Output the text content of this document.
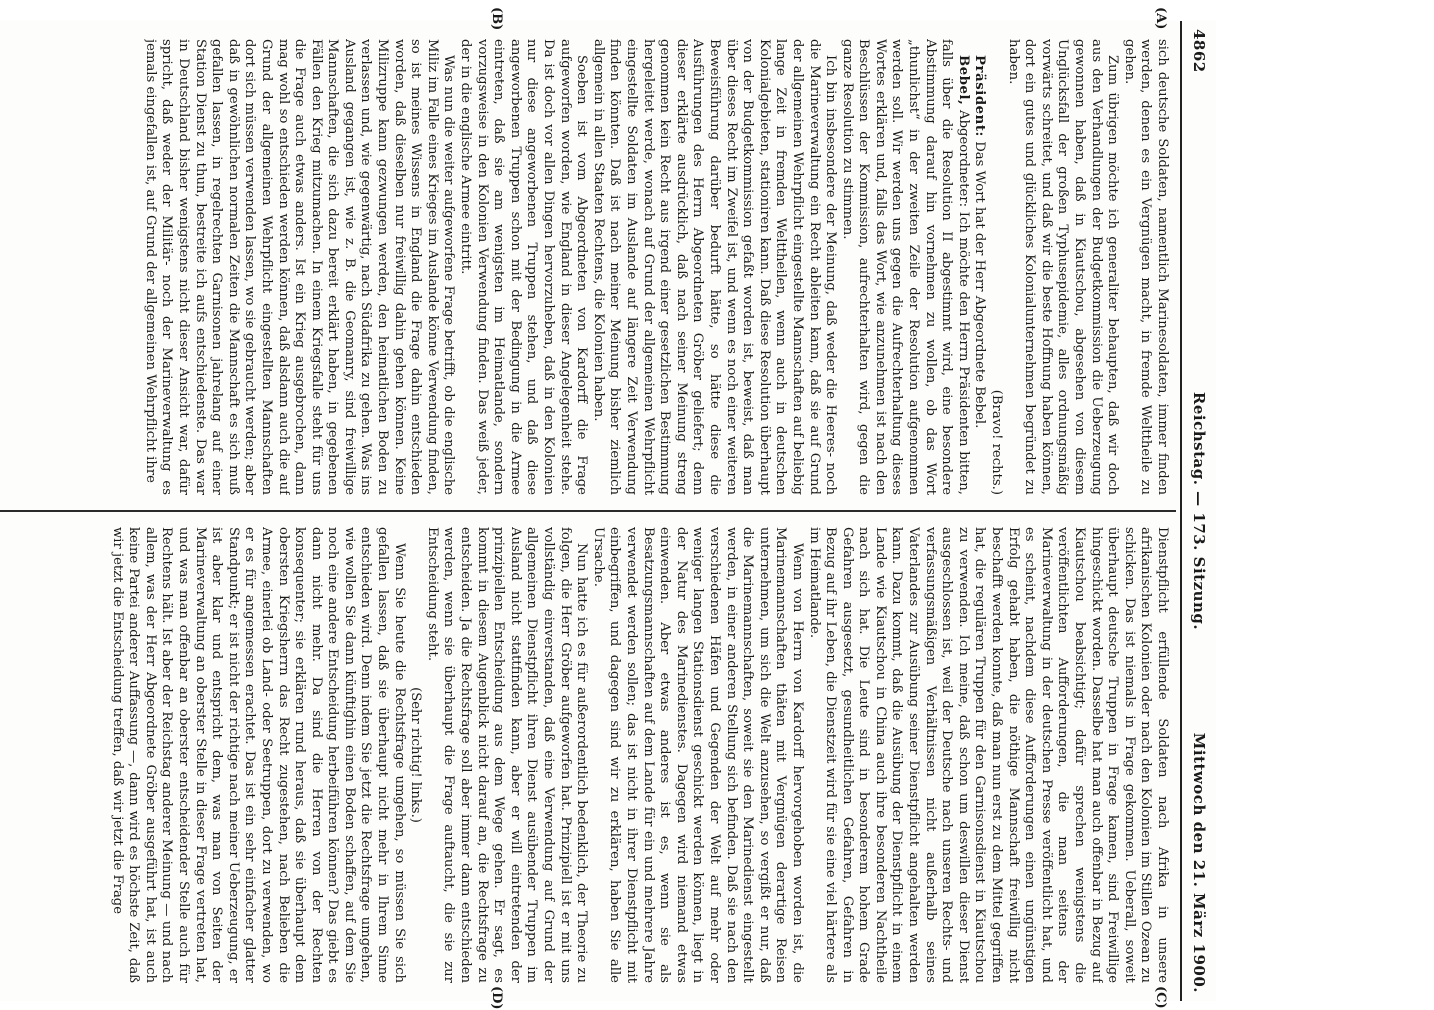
4862
Reichstag. — 173. Sitzung.
Mittwoch den 21. März 1900.
(A)
(B)
(C)
(D)

sich deutsche Soldaten, namentlich Marinesoldaten, immer finden werden, denen es ein Vergnügen macht, in fremde Welttheile zu gehen.

Zum übrigen möchte ich generaliter behaupten, daß wir doch aus den Verhandlungen der Budgetkommission die Ueberzeugung gewonnen haben, daß in Kiautschou, abgesehen von diesem Unglücksfall der großen Typhusepidemie, alles ordnungsmäßig vorwärts schreitet, und daß wir die beste Hoffnung haben können, dort ein gutes und glückliches Kolonialunternehmen begründet zu haben.

(Bravo! rechts.)

Präsident: Das Wort hat der Herr Abgeordnete Bebel.

Bebel, Abgeordneter: Ich möchte den Herrn Präsidenten bitten, falls über die Resolution II abgestimmt wird, eine besondere Abstimmung darauf hin vornehmen zu wollen, ob das Wort „thunlichst“ in der zweiten Zeile der Resolution aufgenommen werden soll. Wir werden uns gegen die Aufrechterhaltung dieses Wortes erklären und, falls das Wort, wie anzunehmen ist nach den Beschlüssen der Kommission, aufrechterhalten wird, gegen die ganze Resolution zu stimmen.

Ich bin insbesondere der Meinung, daß weder die Heeres- noch die Marineverwaltung ein Recht ableiten kann, daß sie auf Grund der allgemeinen Wehrpflicht eingestellte Mannschaften auf beliebig lange Zeit in fremden Welttheilen, wenn auch in deutschen Kolonialgebieten, stationiren kann. Daß diese Resolution überhaupt von der Budgetkommission gefaßt worden ist, beweist, daß man über dieses Recht im Zweifel ist, und wenn es noch einer weiteren Beweisführung darüber bedurft hätte, so hätte diese die Ausführungen des Herrn Abgeordneten Gröber geliefert; denn dieser erklärte ausdrücklich, daß nach seiner Meinung streng genommen kein Recht aus irgend einer gesetzlichen Bestimmung hergeleitet werde, wonach auf Grund der allgemeinen Wehrpflicht eingestellte Soldaten im Auslande auf längere Zeit Verwendung finden könnten. Daß ist nach meiner Meinung bisher ziemlich allgemein in allen Staaten Rechtens, die Kolonien haben.

Soeben ist vom Abgeordneten von Kardorff die Frage aufgeworfen worden, wie England in dieser Angelegenheit stehe. Da ist doch vor allen Dingen hervorzuheben, daß in den Kolonien nur diese angeworbenen Truppen stehen, und daß diese angeworbenen Truppen schon mit der Bedingung in die Armee eintreten, daß sie am wenigsten im Heimatlande, sondern vorzugsweise in den Kolonien Verwendung finden. Das weiß jeder, der in die englische Armee eintritt.

Was nun die weiter aufgeworfene Frage betrifft, ob die englische Miliz im Falle eines Krieges im Auslande könne Verwendung finden, so ist meines Wissens in England die Frage dahin entschieden worden, daß dieselben nur freiwillig dahin gehen können. Keine Milizruppe kann gezwungen werden, den heimatlichen Boden zu verlassen und, wie gegenwärtig, nach Südafrika zu gehen. Was ins Ausland gegangen ist, wie z. B. die Geomanry, sind freiwillige Mannschaften, die sich dazu bereit erklärt haben, in gegebenen Fällen den Krieg mitzumachen. In einem Kriegsfalle steht für uns die Frage auch etwas anders. Ist ein Krieg ausgebrochen, dann mag wohl so entschieden werden können, daß alsdann auch die auf Grund der allgemeinen Wehrpflicht eingestellten Mannschaften dort sich müssen verwenden lassen, wo sie gebraucht werden; aber daß in gewöhnlichen normalen Zeiten die Mannschaft es sich muß gefallen lassen, in regelrechten Garnisonen jahrelang auf einer Station Dienst zu thun, bestreite ich aufs entschiedenste. Das war in Deutschland bisher wenigstens nicht dieser Ansicht war, dafür spricht, daß weder der Militär- noch der Marineverwaltung es jemals eingefallen ist, auf Grund der allgemeinen Wehrpflicht ihre

Dienstpflicht erfüllende Soldaten nach Afrika in unsere afrikanischen Kolonien oder nach den Kolonien im Stillen Ozean zu schicken. Das ist niemals in Frage gekommen. Ueberall, soweit überhaupt deutsche Truppen in Frage kamen, sind Freiwillige hingeschickt worden. Dasselbe hat man auch offenbar in Bezug auf Kiautschou beabsichtigt; dafür sprechen wenigstens die veröffentlichten Aufforderungen, die man seitens der Marineverwaltung in der deutschen Presse veröffentlicht hat, und es scheint, nachdem diese Aufforderungen einen ungünstigen Erfolg gehabt haben, die nöthige Mannschaft freiwillig nicht beschafft werden konnte, daß man nun erst zu dem Mittel gegriffen hat, die regulären Truppen für den Garnisonsdienst in Kiautschou zu verwenden. Ich meine, daß schon um deswillen dieser Dienst ausgeschlossen ist, weil der Deutsche nach unseren Rechts- und verfassungsmäßigen Verhältnissen nicht außerhalb seines Vaterlandes zur Ausübung seiner Dienstpflicht angehalten werden kann. Dazu kommt, daß die Ausübung der Dienstpflicht in einem Lande wie Kiautschou in China auch ihre besonderen Nachtheile nach sich hat. Die Leute sind in besonderem hohem Grade Gefahren ausgesetzt, gesundheitlichen Gefahren, Gefahren in Bezug auf ihr Leben, die Dienstzeit wird für sie eine viel härtere als im Heimatlande.

Wenn von Herrn von Kardorff hervorgehoben worden ist, die Marinemannschaften thäten mit Vergnügen derartige Reisen unternehmen, um sich die Welt anzusehen, so vergißt er nur, daß die Marinemannschaften, soweit sie den Marinedienst eingestellt werden, in einer anderen Stellung sich befinden. Daß sie nach den verschiedenen Häfen und Gegenden der Welt auf mehr oder weniger langen Stationsdienst geschickt werden können, liegt in der Natur des Marinedienstes. Dagegen wird niemand etwas einwenden. Aber etwas anderes ist es, wenn sie als Besatzungsmannschaften auf dem Lande für ein und mehrere Jahre verwendet werden sollen; das ist nicht in ihrer Dienstpflicht mit einbegriffen, und dagegen sind wir zu erklären, haben Sie alle Ursache.

Nun hatte ich es für außerordentlich bedenklich, der Theorie zu folgen, die Herr Gröber aufgeworfen hat. Prinzipiell ist er mit uns vollständig einverstanden, daß eine Verwendung auf Grund der allgemeinen Dienstpflicht ihren Dienst ausübender Truppen im Ausland nicht stattfinden kann, aber er will eintretenden der prinzipiellen Entscheidung aus dem Wege gehen. Er sagt, es kommt in diesem Augenblick nicht darauf an, die Rechtsfrage zu entscheiden. Ja die Rechtsfrage soll aber immer dann entschieden werden, wenn sie überhaupt die Frage auftaucht, die sie zur Entscheidung steht.

(Sehr richtig! links.)

Wenn Sie heute die Rechtsfrage umgehen, so müssen Sie sich gefallen lassen, daß sie überhaupt nicht mehr in Ihrem Sinne entschieden wird. Denn indem Sie jetzt die Rechtsfrage umgehen, wie wollen Sie dann künftighin einen Boden schaffen, auf dem Sie noch eine andere Entscheidung herbeiführen können? Das giebt es dann nicht mehr. Da sind die Herren von der Rechten konsequenter; sie erklären rund heraus, daß sie überhaupt dem obersten Kriegsherrn das Recht zugestehen, nach Belieben die Armee, einerlei ob Land- oder Seetruppen, dort zu verwenden, wo er es für angemessen erachtet. Das ist ein sehr einfacher glatter Standpunkt; er ist nicht der richtige nach meiner Ueberzeugung, er ist aber klar und entspricht dem, was man von Seiten der Marineverwaltung an oberster Stelle in dieser Frage vertreten hat, und was man offenbar an oberster entscheidender Stelle auch für Rechtens hält. Ist aber der Reichstag anderer Meinung — und nach allem, was der Herr Abgeordnete Gröber ausgeführt hat, ist auch keine Partei anderer Auffassung —, dann wird es höchste Zeit, daß wir jetzt die Entscheidung treffen, daß wir jetzt die Frage
